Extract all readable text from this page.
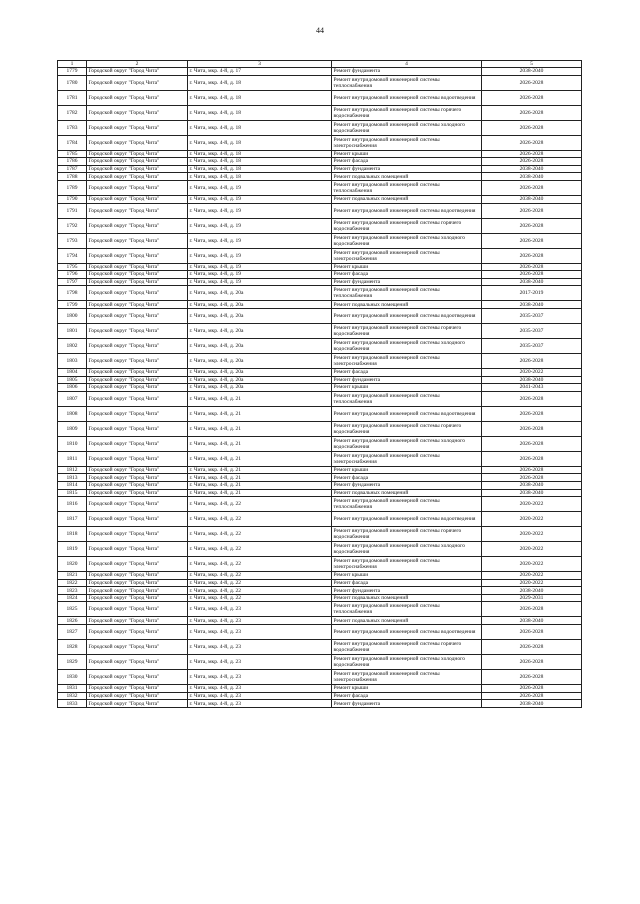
44
1	2	3	4	5
1779	Городской округ "Город Чита"	г. Чита, мкр. 4-й, д. 17	Ремонт фундамента	2038-2040
1780	Городской округ "Город Чита"	г. Чита, мкр. 4-й, д. 18	Ремонт внутридомовой инженерной системы теплоснабжения	2026-2028
1781	Городской округ "Город Чита"	г. Чита, мкр. 4-й, д. 18	Ремонт внутридомовой инженерной системы водоотведения	2026-2028
1782	Городской округ "Город Чита"	г. Чита, мкр. 4-й, д. 18	Ремонт внутридомовой инженерной системы горячего водоснабжения	2026-2028
1783	Городской округ "Город Чита"	г. Чита, мкр. 4-й, д. 18	Ремонт внутридомовой инженерной системы холодного водоснабжения	2026-2028
1784	Городской округ "Город Чита"	г. Чита, мкр. 4-й, д. 18	Ремонт внутридомовой инженерной системы электроснабжения	2026-2028
1785	Городской округ "Город Чита"	г. Чита, мкр. 4-й, д. 18	Ремонт крыши	2026-2028
1786	Городской округ "Город Чита"	г. Чита, мкр. 4-й, д. 18	Ремонт фасада	2026-2028
1787	Городской округ "Город Чита"	г. Чита, мкр. 4-й, д. 18	Ремонт фундамента	2038-2040
1788	Городской округ "Город Чита"	г. Чита, мкр. 4-й, д. 18	Ремонт подвальных помещений	2038-2040
1789	Городской округ "Город Чита"	г. Чита, мкр. 4-й, д. 19	Ремонт внутридомовой инженерной системы теплоснабжения	2026-2028
1790	Городской округ "Город Чита"	г. Чита, мкр. 4-й, д. 19	Ремонт подвальных помещений	2038-2040
1791	Городской округ "Город Чита"	г. Чита, мкр. 4-й, д. 19	Ремонт внутридомовой инженерной системы водоотведения	2026-2028
1792	Городской округ "Город Чита"	г. Чита, мкр. 4-й, д. 19	Ремонт внутридомовой инженерной системы горячего водоснабжения	2026-2028
1793	Городской округ "Город Чита"	г. Чита, мкр. 4-й, д. 19	Ремонт внутридомовой инженерной системы холодного водоснабжения	2026-2028
1794	Городской округ "Город Чита"	г. Чита, мкр. 4-й, д. 19	Ремонт внутридомовой инженерной системы электроснабжения	2026-2028
1795	Городской округ "Город Чита"	г. Чита, мкр. 4-й, д. 19	Ремонт крыши	2026-2028
1796	Городской округ "Город Чита"	г. Чита, мкр. 4-й, д. 19	Ремонт фасада	2026-2028
1797	Городской округ "Город Чита"	г. Чита, мкр. 4-й, д. 19	Ремонт фундамента	2038-2040
1798	Городской округ "Город Чита"	г. Чита, мкр. 4-й, д. 20а	Ремонт внутридомовой инженерной системы теплоснабжения	2017-2019
1799	Городской округ "Город Чита"	г. Чита, мкр. 4-й, д. 20а	Ремонт подвальных помещений	2038-2040
1800	Городской округ "Город Чита"	г. Чита, мкр. 4-й, д. 20а	Ремонт внутридомовой инженерной системы водоотведения	2035-2037
1801	Городской округ "Город Чита"	г. Чита, мкр. 4-й, д. 20а	Ремонт внутридомовой инженерной системы горячего водоснабжения	2035-2037
1802	Городской округ "Город Чита"	г. Чита, мкр. 4-й, д. 20а	Ремонт внутридомовой инженерной системы холодного водоснабжения	2035-2037
1803	Городской округ "Город Чита"	г. Чита, мкр. 4-й, д. 20а	Ремонт внутридомовой инженерной системы электроснабжения	2026-2028
1804	Городской округ "Город Чита"	г. Чита, мкр. 4-й, д. 20а	Ремонт фасада	2020-2022
1805	Городской округ "Город Чита"	г. Чита, мкр. 4-й, д. 20а	Ремонт фундамента	2038-2040
1806	Городской округ "Город Чита"	г. Чита, мкр. 4-й, д. 20а	Ремонт крыши	2041-2043
1807	Городской округ "Город Чита"	г. Чита, мкр. 4-й, д. 21	Ремонт внутридомовой инженерной системы теплоснабжения	2026-2028
1808	Городской округ "Город Чита"	г. Чита, мкр. 4-й, д. 21	Ремонт внутридомовой инженерной системы водоотведения	2026-2028
1809	Городской округ "Город Чита"	г. Чита, мкр. 4-й, д. 21	Ремонт внутридомовой инженерной системы горячего водоснабжения	2026-2028
1810	Городской округ "Город Чита"	г. Чита, мкр. 4-й, д. 21	Ремонт внутридомовой инженерной системы холодного водоснабжения	2026-2028
1811	Городской округ "Город Чита"	г. Чита, мкр. 4-й, д. 21	Ремонт внутридомовой инженерной системы электроснабжения	2026-2028
1812	Городской округ "Город Чита"	г. Чита, мкр. 4-й, д. 21	Ремонт крыши	2026-2028
1813	Городской округ "Город Чита"	г. Чита, мкр. 4-й, д. 21	Ремонт фасада	2026-2028
1814	Городской округ "Город Чита"	г. Чита, мкр. 4-й, д. 21	Ремонт фундамента	2038-2040
1815	Городской округ "Город Чита"	г. Чита, мкр. 4-й, д. 21	Ремонт подвальных помещений	2038-2040
1816	Городской округ "Город Чита"	г. Чита, мкр. 4-й, д. 22	Ремонт внутридомовой инженерной системы теплоснабжения	2020-2022
1817	Городской округ "Город Чита"	г. Чита, мкр. 4-й, д. 22	Ремонт внутридомовой инженерной системы водоотведения	2020-2022
1818	Городской округ "Город Чита"	г. Чита, мкр. 4-й, д. 22	Ремонт внутридомовой инженерной системы горячего водоснабжения	2020-2022
1819	Городской округ "Город Чита"	г. Чита, мкр. 4-й, д. 22	Ремонт внутридомовой инженерной системы холодного водоснабжения	2020-2022
1820	Городской округ "Город Чита"	г. Чита, мкр. 4-й, д. 22	Ремонт внутридомовой инженерной системы электроснабжения	2020-2022
1821	Городской округ "Город Чита"	г. Чита, мкр. 4-й, д. 22	Ремонт крыши	2020-2022
1822	Городской округ "Город Чита"	г. Чита, мкр. 4-й, д. 22	Ремонт фасада	2020-2022
1823	Городской округ "Город Чита"	г. Чита, мкр. 4-й, д. 22	Ремонт фундамента	2038-2040
1824	Городской округ "Город Чита"	г. Чита, мкр. 4-й, д. 22	Ремонт подвальных помещений	2029-2031
1825	Городской округ "Город Чита"	г. Чита, мкр. 4-й, д. 23	Ремонт внутридомовой инженерной системы теплоснабжения	2026-2028
1826	Городской округ "Город Чита"	г. Чита, мкр. 4-й, д. 23	Ремонт подвальных помещений	2038-2040
1827	Городской округ "Город Чита"	г. Чита, мкр. 4-й, д. 23	Ремонт внутридомовой инженерной системы водоотведения	2026-2028
1828	Городской округ "Город Чита"	г. Чита, мкр. 4-й, д. 23	Ремонт внутридомовой инженерной системы горячего водоснабжения	2026-2028
1829	Городской округ "Город Чита"	г. Чита, мкр. 4-й, д. 23	Ремонт внутридомовой инженерной системы холодного водоснабжения	2026-2028
1830	Городской округ "Город Чита"	г. Чита, мкр. 4-й, д. 23	Ремонт внутридомовой инженерной системы электроснабжения	2026-2028
1831	Городской округ "Город Чита"	г. Чита, мкр. 4-й, д. 23	Ремонт крыши	2026-2028
1832	Городской округ "Город Чита"	г. Чита, мкр. 4-й, д. 23	Ремонт фасада	2026-2028
1833	Городской округ "Город Чита"	г. Чита, мкр. 4-й, д. 23	Ремонт фундамента	2038-2040
